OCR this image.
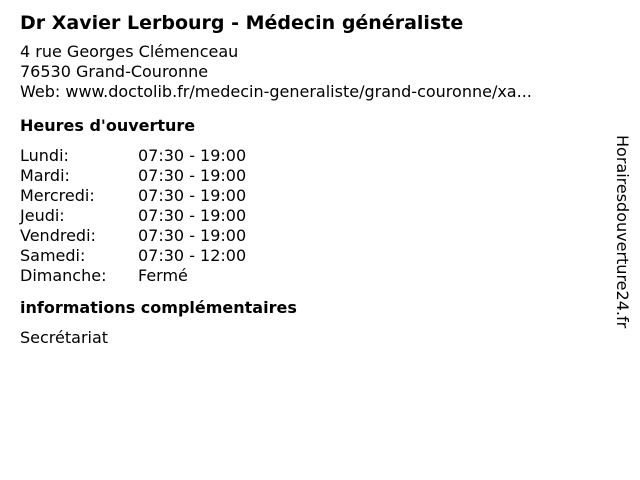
Dr Xavier Lerbourg - Médecin généraliste
4 rue Georges Clémenceau
76530 Grand-Couronne
Web: www.doctolib.fr/medecin-generaliste/grand-couronne/xa...
Heures d'ouverture
Lundi:	07:30 - 19:00
Mardi:	07:30 - 19:00
Mercredi:	07:30 - 19:00
Jeudi:	07:30 - 19:00
Vendredi:	07:30 - 19:00
Samedi:	07:30 - 12:00
Dimanche:	Fermé
informations complémentaires
Secrétariat
Horairesdouverture24.fr
